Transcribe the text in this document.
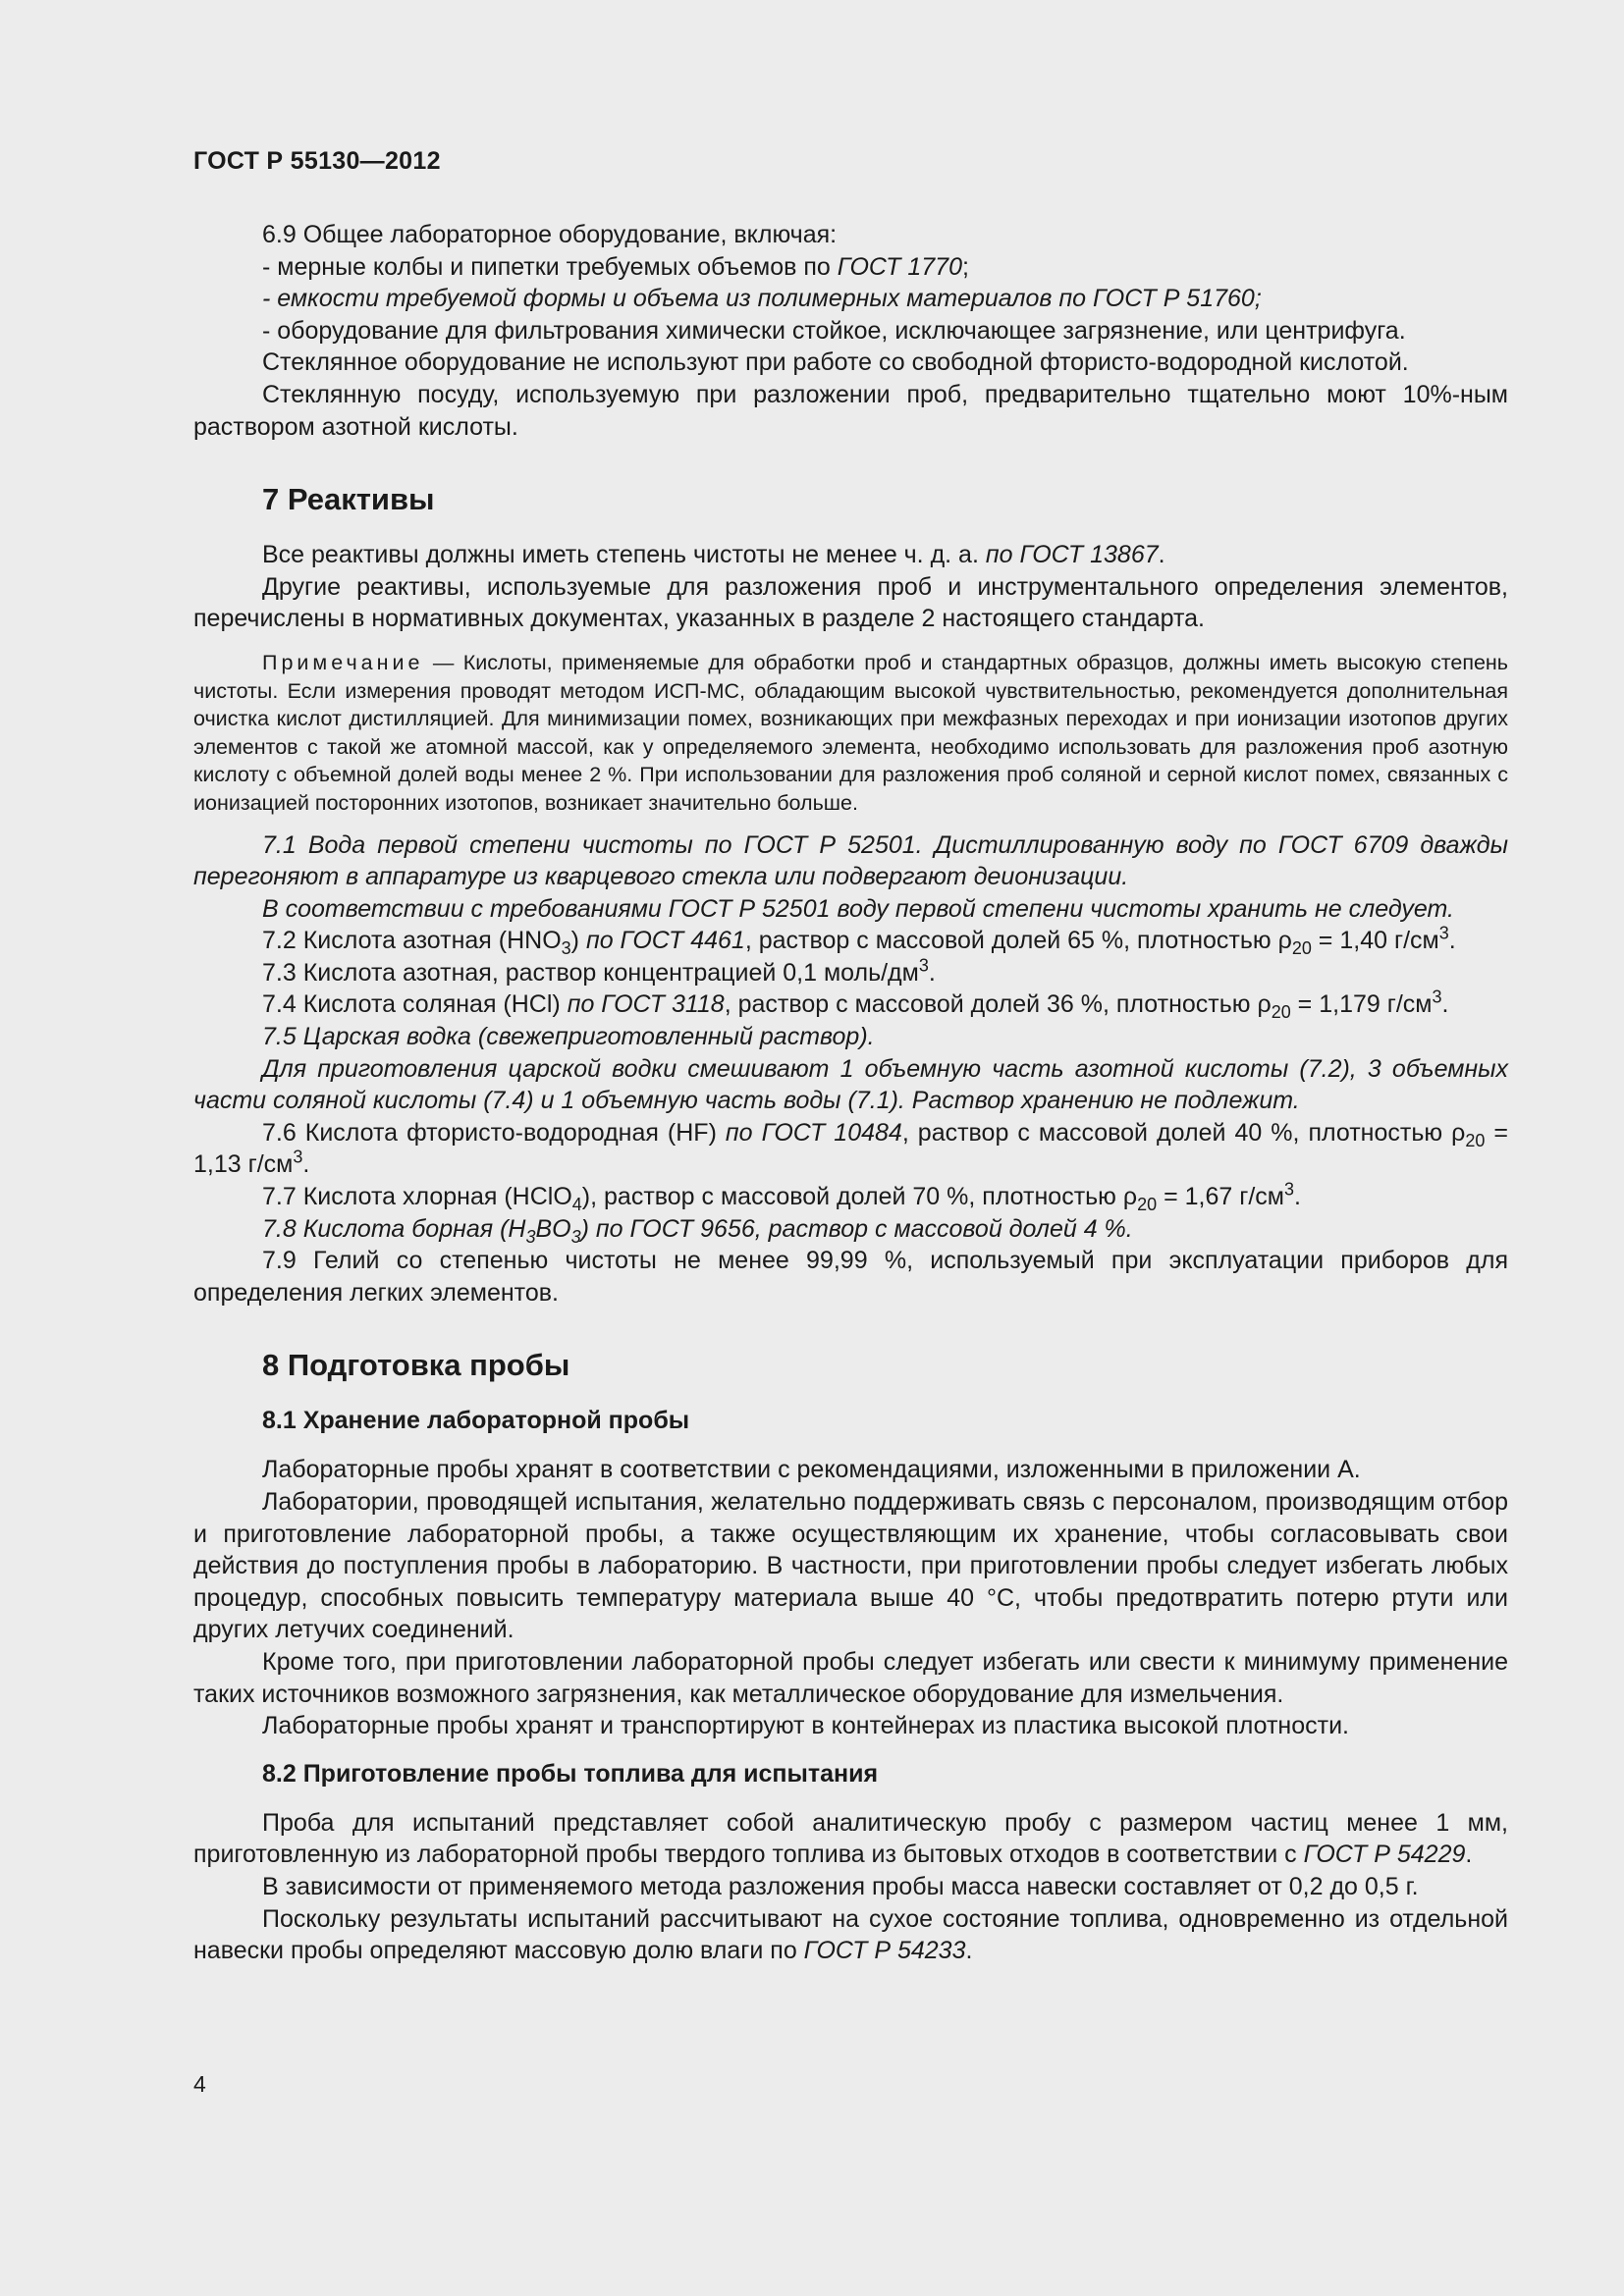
ГОСТ Р 55130—2012

6.9 Общее лабораторное оборудование, включая:

- мерные колбы и пипетки требуемых объемов по ГОСТ 1770;

- емкости требуемой формы и объема из полимерных материалов по ГОСТ Р 51760;

- оборудование для фильтрования химически стойкое, исключающее загрязнение, или центрифуга.

Стеклянное оборудование не используют при работе со свободной фтористо-водородной кислотой.

Стеклянную посуду, используемую при разложении проб, предварительно тщательно моют 10%-ным раствором азотной кислоты.

7 Реактивы

Все реактивы должны иметь степень чистоты не менее ч. д. а. по ГОСТ 13867.

Другие реактивы, используемые для разложения проб и инструментального определения элементов, перечислены в нормативных документах, указанных в разделе 2 настоящего стандарта.

Примечание — Кислоты, применяемые для обработки проб и стандартных образцов, должны иметь высокую степень чистоты. Если измерения проводят методом ИСП-МС, обладающим высокой чувствительностью, рекомендуется дополнительная очистка кислот дистилляцией. Для минимизации помех, возникающих при межфазных переходах и при ионизации изотопов других элементов с такой же атомной массой, как у определяемого элемента, необходимо использовать для разложения проб азотную кислоту с объемной долей воды менее 2 %. При использовании для разложения проб соляной и серной кислот помех, связанных с ионизацией посторонних изотопов, возникает значительно больше.

7.1 Вода первой степени чистоты по ГОСТ Р 52501. Дистиллированную воду по ГОСТ 6709 дважды перегоняют в аппаратуре из кварцевого стекла или подвергают деионизации.

В соответствии с требованиями ГОСТ Р 52501 воду первой степени чистоты хранить не следует.

7.2 Кислота азотная $(HNO_3)$ по ГОСТ 4461, раствор с массовой долей 65 %, плотностью $\rho_{20} = 1,40$ $г/см^3$.

7.3 Кислота азотная, раствор концентрацией 0,1 моль/$дм^3$.

7.4 Кислота соляная (HCl) по ГОСТ 3118, раствор с массовой долей 36 %, плотностью $\rho_{20} = 1,179$ $г/см^3$.

7.5 Царская водка (свежеприготовленный раствор).

Для приготовления царской водки смешивают 1 объемную часть азотной кислоты (7.2), 3 объемных части соляной кислоты (7.4) и 1 объемную часть воды (7.1). Раствор хранению не подлежит.

7.6 Кислота фтористо-водородная (HF) по ГОСТ 10484, раствор с массовой долей 40 %, плотностью $\rho_{20} = 1,13$ $г/см^3$.

7.7 Кислота хлорная (HClO$_4$), раствор с массовой долей 70 %, плотностью $\rho_{20} = 1,67$ $г/см^3$.

7.8 Кислота борная $(H_3BO_3)$ по ГОСТ 9656, раствор с массовой долей 4 %.

7.9 Гелий со степенью чистоты не менее 99,99 %, используемый при эксплуатации приборов для определения легких элементов.

8 Подготовка пробы
8.1 Хранение лабораторной пробы

Лабораторные пробы хранят в соответствии с рекомендациями, изложенными в приложении А.

Лаборатории, проводящей испытания, желательно поддерживать связь с персоналом, производящим отбор и приготовление лабораторной пробы, а также осуществляющим их хранение, чтобы согласовывать свои действия до поступления пробы в лабораторию. В частности, при приготовлении пробы следует избегать любых процедур, способных повысить температуру материала выше 40 °С, чтобы предотвратить потерю ртути или других летучих соединений.

Кроме того, при приготовлении лабораторной пробы следует избегать или свести к минимуму применение таких источников возможного загрязнения, как металлическое оборудование для измельчения.

Лабораторные пробы хранят и транспортируют в контейнерах из пластика высокой плотности.

8.2 Приготовление пробы топлива для испытания

Проба для испытаний представляет собой аналитическую пробу с размером частиц менее 1 мм, приготовленную из лабораторной пробы твердого топлива из бытовых отходов в соответствии с ГОСТ Р 54229.

В зависимости от применяемого метода разложения пробы масса навески составляет от 0,2 до 0,5 г.

Поскольку результаты испытаний рассчитывают на сухое состояние топлива, одновременно из отдельной навески пробы определяют массовую долю влаги по ГОСТ Р 54233.

4
